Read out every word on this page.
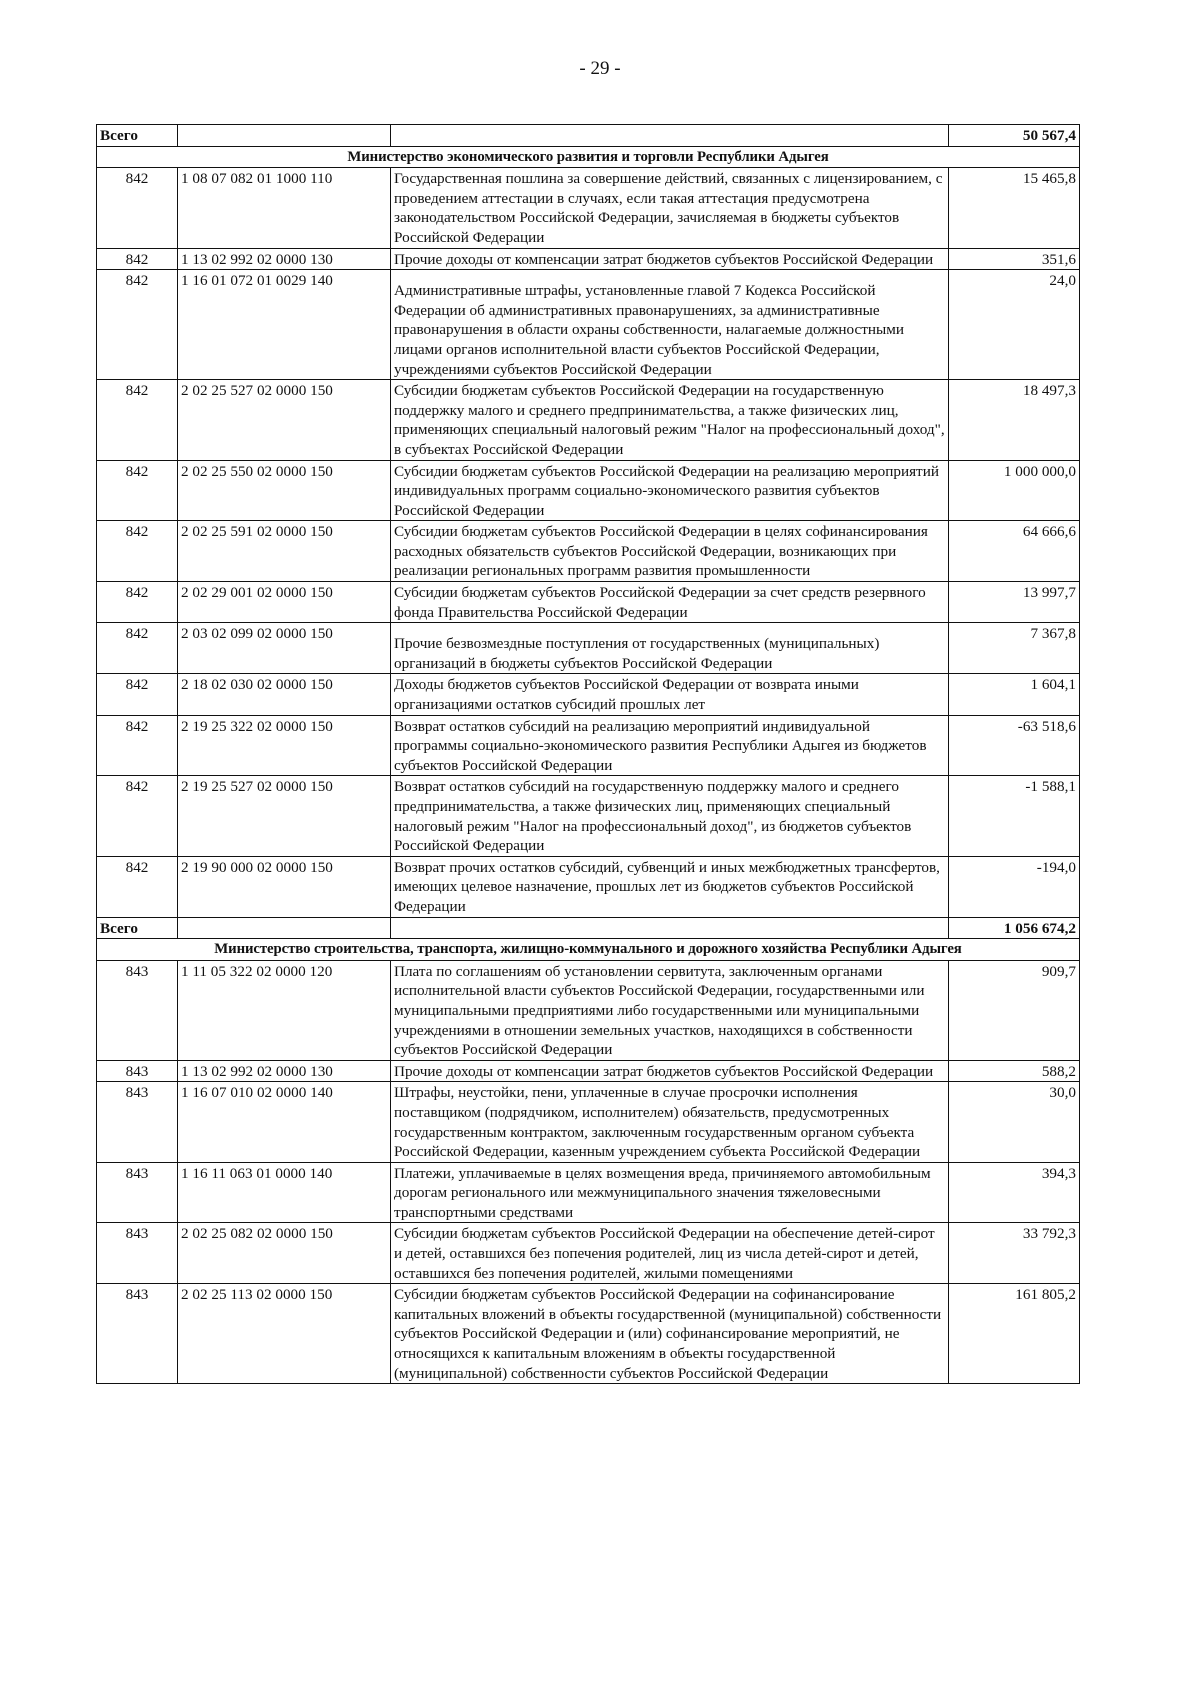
- 29 -
Всего			50 567,4
Министерство экономического развития и торговли Республики Адыгея			
842	1 08 07 082 01 1000 110	Государственная пошлина за совершение действий, связанных с лицензированием, с проведением аттестации в случаях, если такая аттестация предусмотрена законодательством Российской Федерации, зачисляемая в бюджеты субъектов Российской Федерации	15 465,8
842	1 13 02 992 02 0000 130	Прочие доходы от компенсации затрат бюджетов субъектов Российской Федерации	351,6
842	1 16 01 072 01 0029 140	Административные штрафы, установленные главой 7 Кодекса Российской Федерации об административных правонарушениях, за административные правонарушения в области охраны собственности, налагаемые должностными лицами органов исполнительной власти субъектов Российской Федерации, учреждениями субъектов Российской Федерации	24,0
842	2 02 25 527 02 0000 150	Субсидии бюджетам субъектов Российской Федерации на государственную поддержку малого и среднего предпринимательства, а также физических лиц, применяющих специальный налоговый режим "Налог на профессиональный доход", в субъектах Российской Федерации	18 497,3
842	2 02 25 550 02 0000 150	Субсидии бюджетам субъектов Российской Федерации на реализацию мероприятий индивидуальных программ социально-экономического развития субъектов Российской Федерации	1 000 000,0
842	2 02 25 591 02 0000 150	Субсидии бюджетам субъектов Российской Федерации в целях софинансирования расходных обязательств субъектов Российской Федерации, возникающих при реализации региональных программ развития промышленности	64 666,6
842	2 02 29 001 02 0000 150	Субсидии бюджетам субъектов Российской Федерации за счет средств резервного фонда Правительства Российской Федерации	13 997,7
842	2 03 02 099 02 0000 150	Прочие безвозмездные поступления от государственных (муниципальных) организаций в бюджеты субъектов Российской Федерации	7 367,8
842	2 18 02 030 02 0000 150	Доходы бюджетов субъектов Российской Федерации от возврата иными организациями остатков субсидий прошлых лет	1 604,1
842	2 19 25 322 02 0000 150	Возврат остатков субсидий на реализацию мероприятий индивидуальной программы социально-экономического развития Республики Адыгея из бюджетов субъектов Российской Федерации	-63 518,6
842	2 19 25 527 02 0000 150	Возврат остатков субсидий на государственную поддержку малого и среднего предпринимательства, а также физических лиц, применяющих специальный налоговый режим "Налог на профессиональный доход", из бюджетов субъектов Российской Федерации	-1 588,1
842	2 19 90 000 02 0000 150	Возврат прочих остатков субсидий, субвенций и иных межбюджетных трансфертов, имеющих целевое назначение, прошлых лет из бюджетов субъектов Российской Федерации	-194,0
Всего			1 056 674,2
Министерство строительства, транспорта, жилищно-коммунального и дорожного хозяйства Республики Адыгея			
843	1 11 05 322 02 0000 120	Плата по соглашениям об установлении сервитута, заключенным органами исполнительной власти субъектов Российской Федерации, государственными или муниципальными предприятиями либо государственными или муниципальными учреждениями в отношении земельных участков, находящихся в собственности субъектов Российской Федерации	909,7
843	1 13 02 992 02 0000 130	Прочие доходы от компенсации затрат бюджетов субъектов Российской Федерации	588,2
843	1 16 07 010 02 0000 140	Штрафы, неустойки, пени, уплаченные в случае просрочки исполнения поставщиком (подрядчиком, исполнителем) обязательств, предусмотренных государственным контрактом, заключенным государственным органом субъекта Российской Федерации, казенным учреждением субъекта Российской Федерации	30,0
843	1 16 11 063 01 0000 140	Платежи, уплачиваемые в целях возмещения вреда, причиняемого автомобильным дорогам регионального или межмуниципального значения тяжеловесными транспортными средствами	394,3
843	2 02 25 082 02 0000 150	Субсидии бюджетам субъектов Российской Федерации на обеспечение детей-сирот и детей, оставшихся без попечения родителей, лиц из числа детей-сирот и детей, оставшихся без попечения родителей, жилыми помещениями	33 792,3
843	2 02 25 113 02 0000 150	Субсидии бюджетам субъектов Российской Федерации на софинансирование капитальных вложений в объекты государственной (муниципальной) собственности субъектов Российской Федерации и (или) софинансирование мероприятий, не относящихся к капитальным вложениям в объекты государственной (муниципальной) собственности субъектов Российской Федерации	161 805,2
